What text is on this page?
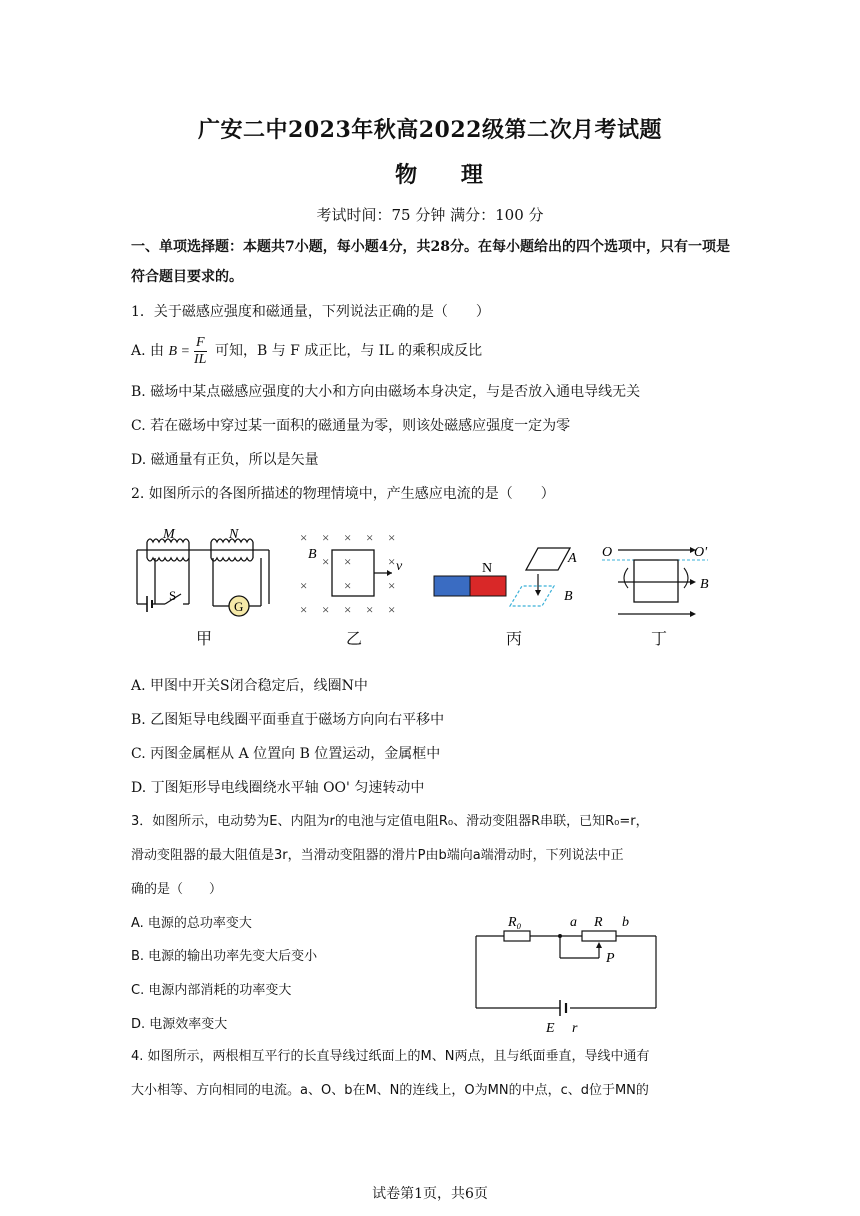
广安二中2023年秋高2022级第二次月考试题
物 理
考试时间：75 分钟 满分：100 分
一、单项选择题：本题共7小题，每小题4分，共28分。在每小题给出的四个选项中，只有一项是符合题目要求的。
1．关于磁感应强度和磁通量，下列说法正确的是（　　）
A. 由 $B = \frac{F}{IL}$ 可知，B 与 F 成正比，与 IL 的乘积成反比
B. 磁场中某点磁感应强度的大小和方向由磁场本身决定，与是否放入通电导线无关
C. 若在磁场中穿过某一面积的磁通量为零，则该处磁感应强度一定为零
D. 磁通量有正负，所以是矢量
2. 如图所示的各图所描述的物理情境中，产生感应电流的是（　　）
G
M	N
S
甲
× × × × ×
×	×
×	×
× × × × ×
×
×
B
v
乙
N
A
B
丙
O	O'
B
丁
A. 甲图中开关S闭合稳定后，线圈N中
B. 乙图矩导电线圈平面垂直于磁场方向向右平移中
C. 丙图金属框从 A 位置向 B 位置运动，金属框中
D. 丁图矩形导电线圈绕水平轴 OO' 匀速转动中
3．如图所示，电动势为E、内阻为r的电池与定值电阻R₀、滑动变阻器R串联，已知R₀=r，
滑动变阻器的最大阻值是3r，当滑动变阻器的滑片P由b端向a端滑动时，下列说法中正
确的是（　　）
A. 电源的总功率变大
B. 电源的输出功率先变大后变小
C. 电源内部消耗的功率变大
D. 电源效率变大
R₀	a R b
P
E r
4. 如图所示，两根相互平行的长直导线过纸面上的M、N两点，且与纸面垂直，导线中通有
大小相等、方向相同的电流。a、O、b在M、N的连线上，O为MN的中点，c、d位于MN的
试卷第1页，共6页
